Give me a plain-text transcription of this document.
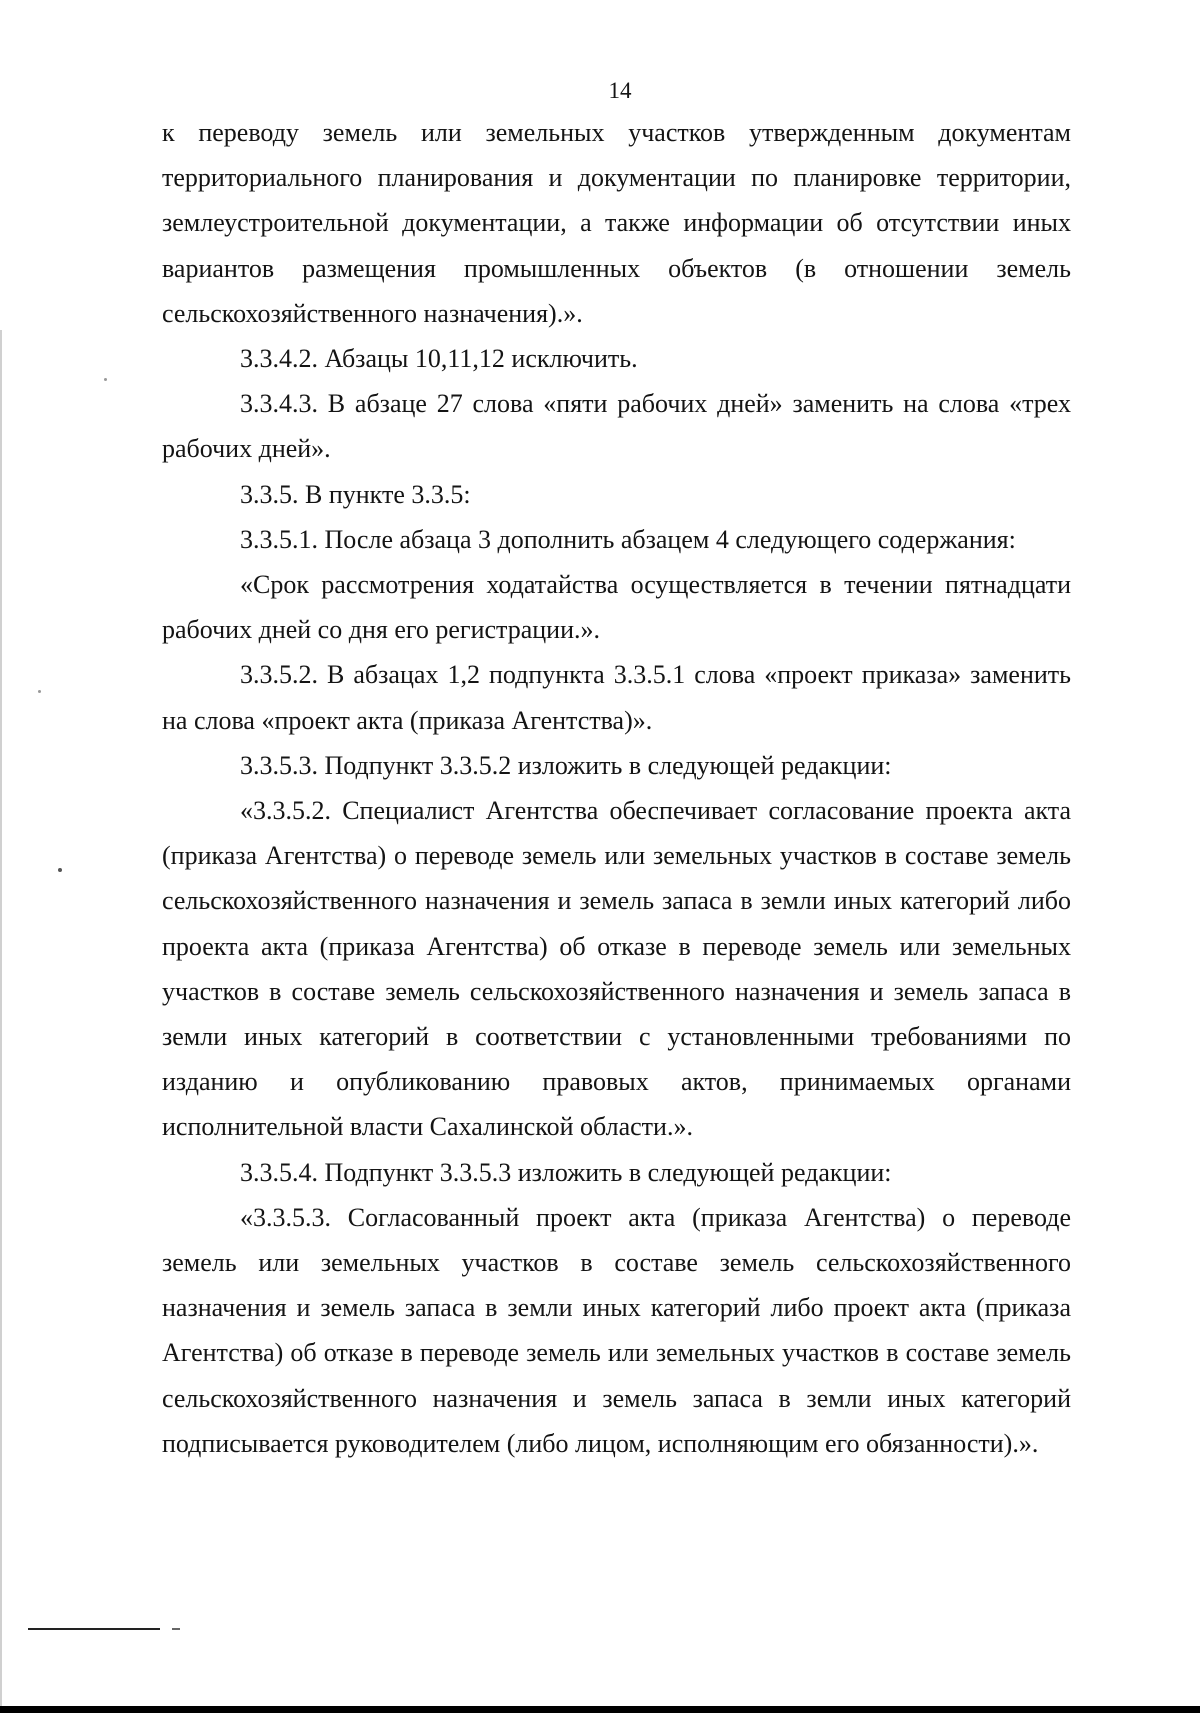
14

к переводу земель или земельных участков утвержденным документам территориального планирования и документации по планировке территории, землеустроительной документации, а также информации об отсутствии иных вариантов размещения промышленных объектов (в отношении земель сельскохозяйственного назначения).».

3.3.4.2. Абзацы 10,11,12 исключить.

3.3.4.3. В абзаце 27 слова «пяти рабочих дней» заменить на слова «трех рабочих дней».

3.3.5. В пункте 3.3.5:

3.3.5.1. После абзаца 3 дополнить абзацем 4 следующего содержания:

«Срок рассмотрения ходатайства осуществляется в течении пятнадцати рабочих дней со дня его регистрации.».

3.3.5.2. В абзацах 1,2 подпункта 3.3.5.1 слова «проект приказа» заменить на слова «проект акта (приказа Агентства)».

3.3.5.3. Подпункт 3.3.5.2 изложить в следующей редакции:

«3.3.5.2. Специалист Агентства обеспечивает согласование проекта акта (приказа Агентства) о переводе земель или земельных участков в составе земель сельскохозяйственного назначения и земель запаса в земли иных категорий либо проекта акта (приказа Агентства) об отказе в переводе земель или земельных участков в составе земель сельскохозяйственного назначения и земель запаса в земли иных категорий в соответствии с установленными требованиями по изданию и опубликованию правовых актов, принимаемых органами исполнительной власти Сахалинской области.».

3.3.5.4. Подпункт 3.3.5.3 изложить в следующей редакции:

«3.3.5.3. Согласованный проект акта (приказа Агентства) о переводе земель или земельных участков в составе земель сельскохозяйственного назначения и земель запаса в земли иных категорий либо проект акта (приказа Агентства) об отказе в переводе земель или земельных участков в составе земель сельскохозяйственного назначения и земель запаса в земли иных категорий подписывается руководителем (либо лицом, исполняющим его обязанности).».
